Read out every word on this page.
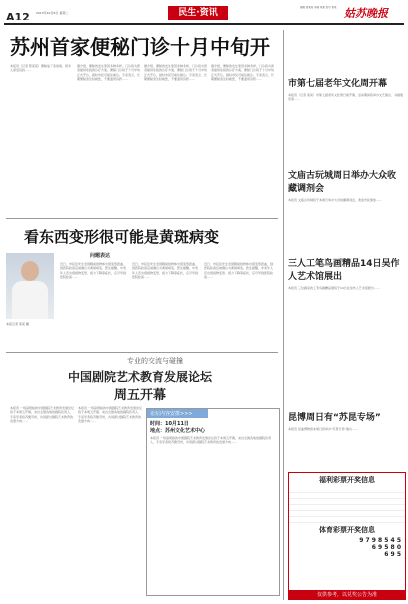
A12	2013年10月8日 星期二	民生·资讯
编辑 张某某 美编 某某 校对 某某 姑苏晚报
苏州首家便秘门诊十月中旬开
本报讯（记者 陈某某）便秘成了家常病，很多人深受其扰……
据介绍，便秘的发生原因多种多样，门诊将为患者提供系统的诊疗方案。便秘门诊将于十月中旬正式开诊，届时市民可前往就诊。专家表示，长期便秘需及时就医，不要滥用泻药……
据介绍，便秘的发生原因多种多样，门诊将为患者提供系统的诊疗方案。便秘门诊将于十月中旬正式开诊，届时市民可前往就诊。专家表示，长期便秘需及时就医，不要滥用泻药……
据介绍，便秘的发生原因多种多样，门诊将为患者提供系统的诊疗方案。便秘门诊将于十月中旬正式开诊，届时市民可前往就诊。专家表示，长期便秘需及时就医，不要滥用泻药……
看东西变形很可能是黄斑病变
本报记者 某某 摄
问题表达
近日，市民张先生发现眼前的物体出现变形扭曲，到医院检查后被确诊为黄斑病变。医生提醒，中老年人若出现视物变形、视力下降等症状，应尽早到医院检查……
近日，市民张先生发现眼前的物体出现变形扭曲，到医院检查后被确诊为黄斑病变。医生提醒，中老年人若出现视物变形、视力下降等症状，应尽早到医院检查……
近日，市民张先生发现眼前的物体出现变形扭曲，到医院检查后被确诊为黄斑病变。医生提醒，中老年人若出现视物变形、视力下降等症状，应尽早到医院检查……
专业的交流与碰撞
中国剧院艺术教育发展论坛
周五开幕
本报讯 一场高规格的中国剧院艺术教育发展论坛将于本周五开幕，来自全国各地的剧院负责人、专家学者将齐聚苏州，共同探讨剧院艺术教育的发展方向……
本报讯 一场高规格的中国剧院艺术教育发展论坛将于本周五开幕，来自全国各地的剧院负责人、专家学者将齐聚苏州，共同探讨剧院艺术教育的发展方向……
论坛内容安排>>>
时间：10月11日
地点：苏州文化艺术中心
本报讯 一场高规格的中国剧院艺术教育发展论坛将于本周五开幕，来自全国各地的剧院负责人、专家学者将齐聚苏州，共同探讨剧院艺术教育的发展方向……
市第七届老年文化周开幕
本报讯（记者 某某）市第七届老年文化周日前开幕，活动期间将举办文艺演出、书画展览等……
文庙古玩城周日举办大众收藏调剂会
本报讯 文庙古玩城将于本周日举办大众收藏调剂会，欢迎市民参加……
三人工笔鸟画精品14日吴作人艺术馆展出
本报讯 三位画家的工笔鸟画精品展将于14日在吴作人艺术馆展出……
昆博周日有“苏昆专场”
本报讯 昆曲博物馆本周日将举办“苏昆专场”演出……
福利彩票开奖信息
体育彩票开奖信息
9 7 9 8 5 4 5
6 9 5 8 0
6 9 5
仅供参考，以兑奖公告为准
